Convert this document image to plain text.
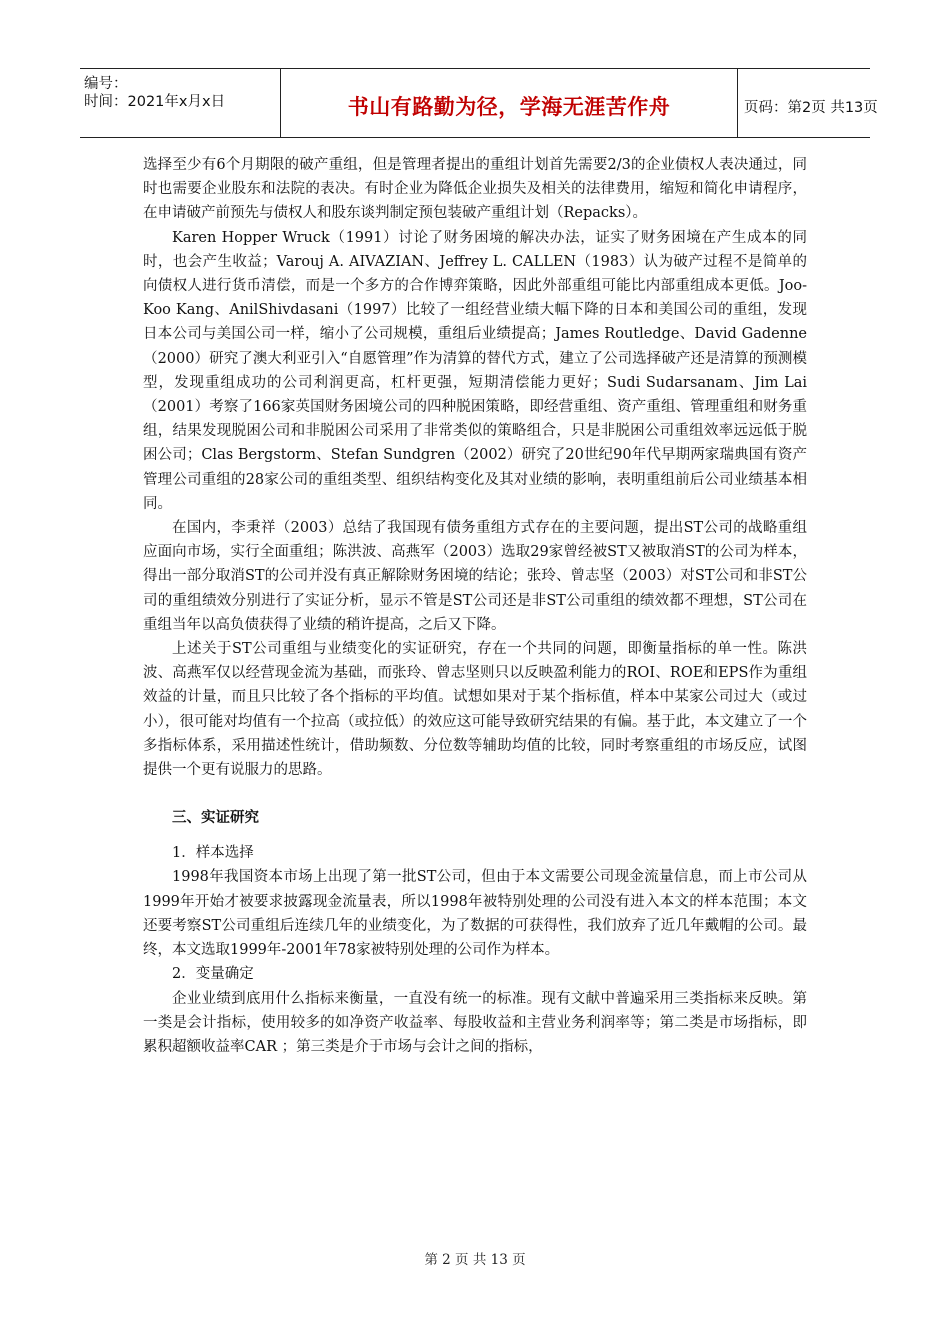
编号：
时间：2021年x月x日	书山有路勤为径，学海无涯苦作舟	页码：第2页 共13页

选择至少有6个月期限的破产重组，但是管理者提出的重组计划首先需要2/3的企业债权人表决通过，同时也需要企业股东和法院的表决。有时企业为降低企业损失及相关的法律费用，缩短和简化申请程序，在申请破产前预先与债权人和股东谈判制定预包装破产重组计划（Repacks）。

Karen Hopper Wruck（1991）讨论了财务困境的解决办法，证实了财务困境在产生成本的同时，也会产生收益；Varouj A. AIVAZIAN、Jeffrey L. CALLEN（1983）认为破产过程不是简单的向债权人进行货币清偿，而是一个多方的合作博弈策略，因此外部重组可能比内部重组成本更低。Joo-Koo Kang、AnilShivdasani（1997）比较了一组经营业绩大幅下降的日本和美国公司的重组，发现日本公司与美国公司一样，缩小了公司规模，重组后业绩提高；James Routledge、David Gadenne（2000）研究了澳大利亚引入“自愿管理”作为清算的替代方式，建立了公司选择破产还是清算的预测模型，发现重组成功的公司利润更高，杠杆更强，短期清偿能力更好；Sudi Sudarsanam、Jim Lai（2001）考察了166家英国财务困境公司的四种脱困策略，即经营重组、资产重组、管理重组和财务重组，结果发现脱困公司和非脱困公司采用了非常类似的策略组合，只是非脱困公司重组效率远远低于脱困公司；Clas Bergstorm、Stefan Sundgren（2002）研究了20世纪90年代早期两家瑞典国有资产管理公司重组的28家公司的重组类型、组织结构变化及其对业绩的影响，表明重组前后公司业绩基本相同。

在国内，李秉祥（2003）总结了我国现有债务重组方式存在的主要问题，提出ST公司的战略重组应面向市场，实行全面重组；陈洪波、高燕军（2003）选取29家曾经被ST又被取消ST的公司为样本，得出一部分取消ST的公司并没有真正解除财务困境的结论；张玲、曾志坚（2003）对ST公司和非ST公司的重组绩效分别进行了实证分析，显示不管是ST公司还是非ST公司重组的绩效都不理想，ST公司在重组当年以高负债获得了业绩的稍许提高，之后又下降。

上述关于ST公司重组与业绩变化的实证研究，存在一个共同的问题，即衡量指标的单一性。陈洪波、高燕军仅以经营现金流为基础，而张玲、曾志坚则只以反映盈利能力的ROI、ROE和EPS作为重组效益的计量，而且只比较了各个指标的平均值。试想如果对于某个指标值，样本中某家公司过大（或过小），很可能对均值有一个拉高（或拉低）的效应这可能导致研究结果的有偏。基于此，本文建立了一个多指标体系，采用描述性统计，借助频数、分位数等辅助均值的比较，同时考察重组的市场反应，试图提供一个更有说服力的思路。

三、实证研究

1．样本选择

1998年我国资本市场上出现了第一批ST公司，但由于本文需要公司现金流量信息，而上市公司从1999年开始才被要求披露现金流量表，所以1998年被特别处理的公司没有进入本文的样本范围；本文还要考察ST公司重组后连续几年的业绩变化，为了数据的可获得性，我们放弃了近几年戴帽的公司。最终，本文选取1999年-2001年78家被特别处理的公司作为样本。

2．变量确定

企业业绩到底用什么指标来衡量，一直没有统一的标准。现有文献中普遍采用三类指标来反映。第一类是会计指标，使用较多的如净资产收益率、每股收益和主营业务利润率等；第二类是市场指标，即累积超额收益率CAR ；第三类是介于市场与会计之间的指标，

第 2 页 共 13 页
